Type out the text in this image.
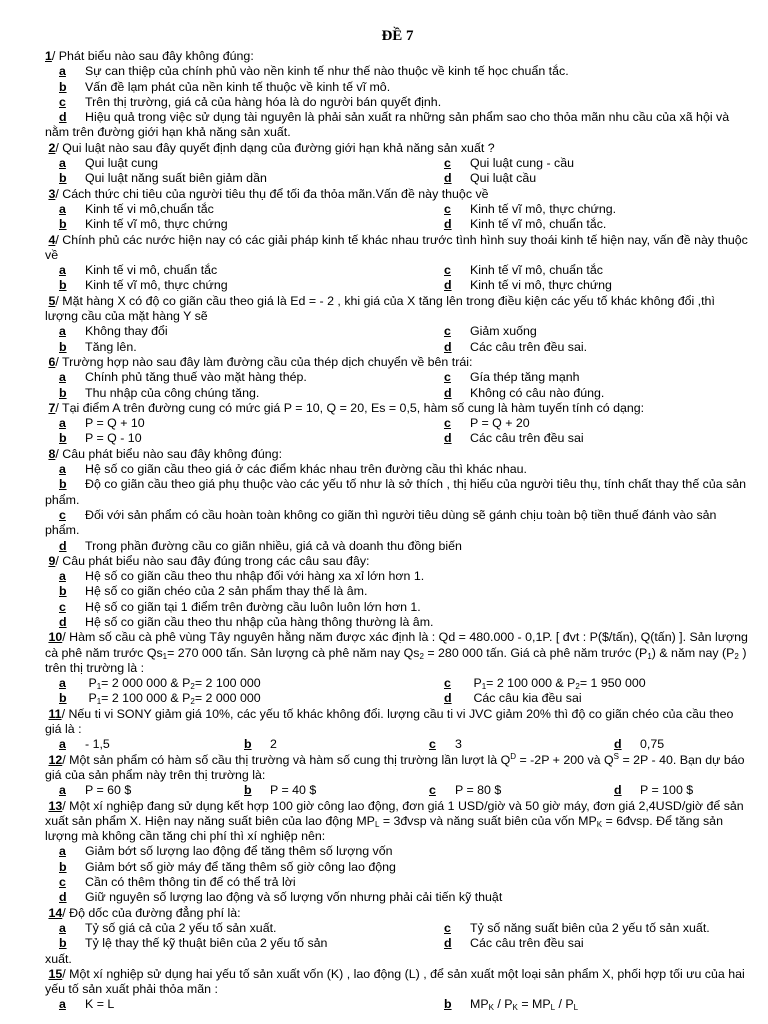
ĐỀ 7
1/ Phát biểu nào sau đây không đúng:
a	Sự can thiệp của chính phủ vào nền kinh tế như thế nào thuộc về kinh tế học chuẩn tắc.
b	Vấn đề lạm phát của nền kinh tế thuộc về kinh tế vĩ mô.
c	Trên thị trường, giá cả của hàng hóa là do người bán quyết định.
d Hiệu quả trong việc sử dụng tài nguyên là phải sản xuất ra những sản phẩm sao cho thỏa mãn nhu cầu của xã hội và nằm trên đường giới hạn khả năng sản xuất.
2/ Qui luật nào sau đây quyết định dạng của đường giới hạn khả năng sản xuất ?
a Qui luật cung	c Qui luật cung - cầu
b Qui luật năng suất biên giảm dần	d Qui luật cầu
3/ Cách thức chi tiêu của người tiêu thụ để tối đa thỏa mãn.Vấn đề này thuộc về
a Kinh tế vi mô,chuẩn tắc	c Kinh tế vĩ mô, thực chứng.
b Kinh tế vĩ mô, thực chứng	d Kinh tế vĩ mô, chuẩn tắc.
4/ Chính phủ các nước hiện nay có các giải pháp kinh tế khác nhau trước tình hình suy thoái kinh tế hiện nay, vấn đề này thuộc về
a Kinh tế vi mô, chuẩn tắc	c Kinh tế vĩ mô, chuẩn tắc
b Kinh tế vĩ mô, thực chứng	d Kinh tế vi mô, thực chứng
5/ Mặt hàng X có độ co giãn cầu theo giá là Ed = - 2 , khi giá của X tăng lên trong điều kiện các yếu tố khác không đổi ,thì lượng cầu của mặt hàng Y sẽ
a Không thay đổi	c Giảm xuống
b Tăng lên.	d Các câu trên đều sai.
6/ Trường hợp nào sau đây làm đường cầu của thép dịch chuyển về bên trái:
a Chính phủ tăng thuế vào mặt hàng thép.	c Gía thép tăng mạnh
b Thu nhập của công chúng tăng.	d Không có câu nào đúng.
7/ Tại điểm A trên đường cung có mức giá P = 10, Q = 20, Es = 0,5, hàm số cung là hàm tuyến tính có dạng:
a P = Q + 10	c P = Q + 20
b P = Q - 10	d Các câu trên đều sai
8/ Câu phát biểu nào sau đây không đúng:
a Hệ số co giãn cầu theo giá ở các điểm khác nhau trên đường cầu thì khác nhau.
b Độ co giãn cầu theo giá phụ thuộc vào các yếu tố như là sở thích , thị hiếu của người tiêu thụ, tính chất thay thế của sản phẩm.
c Đối với sản phẩm có cầu hoàn toàn không co giãn thì người tiêu dùng sẽ gánh chịu toàn bộ tiền thuế đánh vào sản phẩm.
d Trong phần đường cầu co giãn nhiều, giá cả và doanh thu đồng biến
9/ Câu phát biểu nào sau đây đúng trong các câu sau đây:
a	Hệ số co giãn cầu theo thu nhập đối với hàng xa xỉ lớn hơn 1.
b	Hệ số co giãn chéo của 2 sản phẩm thay thế là âm.
c	Hệ số co giãn tại 1 điểm trên đường cầu luôn luôn lớn hơn 1.
d	Hệ số co giãn cầu theo thu nhập của hàng thông thường là âm.
10/ Hàm số cầu cà phê vùng Tây nguyên hằng năm được xác định là : Qd = 480.000 - 0,1P. [ đvt : P($/tấn), Q(tấn) ]. Sản lượng cà phê năm trước $Qs_1= 270$ 000 tấn. Sản lượng cà phê năm nay $Qs_2 = 280$ 000 tấn. Giá cà phê năm trước $(P_1)$ & năm nay ($P_2$ ) trên thị trường là :
a $P_1= 2$ 000 000 & $P_2= 2$ 100 000	c $P_1= 2$ 100 000 & $P_2= 1$ 950 000
b $P_1= 2$ 100 000 & $P_2= 2$ 000 000	d Các câu kia đều sai
11/ Nếu ti vi SONY giảm giá 10%, các yếu tố khác không đổi. lượng cầu ti vi JVC giảm 20% thì độ co giãn chéo của cầu theo giá là :
a - 1,5	b 2	c 3	d 0,75
12/ Một sản phẩm có hàm số cầu thị trường và hàm số cung thị trường lần lượt là $Q^D = -2P + 200$ và $Q^S = 2P - 40$. Bạn dự báo giá của sản phẩm này trên thị trường là:
a P = 60 $	b P = 40 $	c P = 80 $	d P = 100 $
13/ Một xí nghiệp đang sử dụng kết hợp 100 giờ công lao động, đơn giá 1 USD/giờ và 50 giờ máy, đơn giá 2,4USD/giờ để sản xuất sản phẩm X. Hiện nay năng suất biên của lao động $MP_L$ = 3đvsp và năng suất biên của vốn $MP_K$ = 6đvsp. Để tăng sản lượng mà không cần tăng chi phí thì xí nghiệp nên:
a	Giảm bớt số lượng lao động để tăng thêm số lượng vốn
b	Giảm bớt số giờ máy để tăng thêm số giờ công lao động
c	Cần có thêm thông tin để có thể trả lời
d	Giữ nguyên số lượng lao động và số lượng vốn nhưng phải cải tiến kỹ thuật
14/ Độ dốc của đường đẳng phí là:
a Tỷ số giá cả của 2 yếu tố sản xuất.	c Tỷ số năng suất biên của 2 yếu tố sản xuất.
b Tỷ lệ thay thế kỹ thuật biên của 2 yếu tố sản	d Các câu trên đều sai
xuất.
15/ Một xí nghiệp sử dụng hai yếu tố sản xuất vốn (K) , lao động (L) , để sản xuất một loại sản phẩm X, phối hợp tối ưu của hai yếu tố sản xuất phải thỏa mãn :
a K = L	b $MP_K / P_K = MP_L / P_L$
